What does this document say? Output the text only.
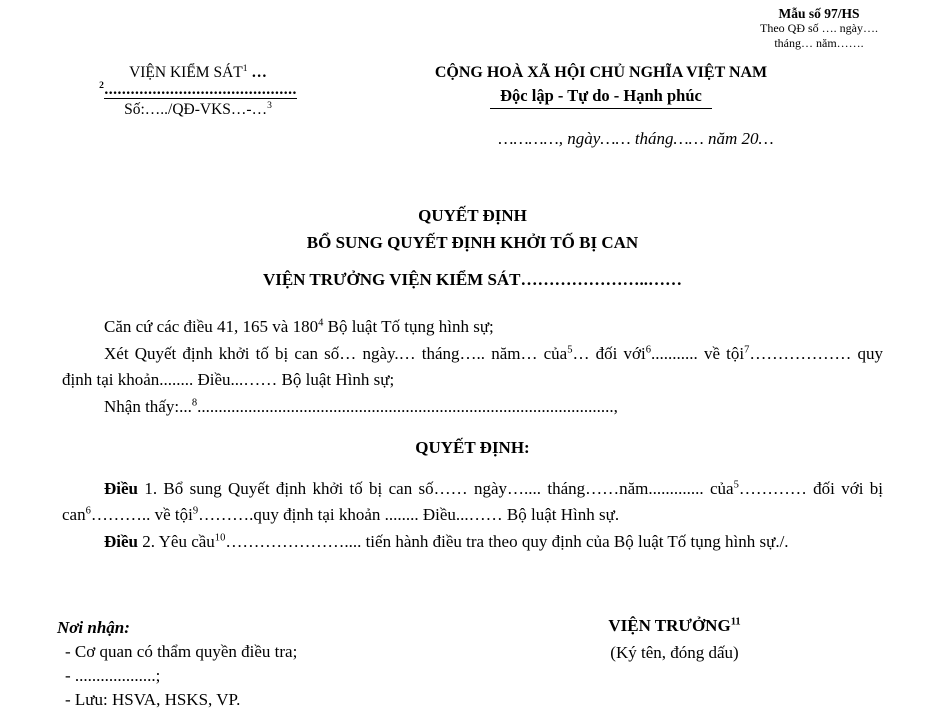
Mẫu số 97/HS
Theo QĐ số …. ngày….
tháng… năm…….
VIỆN KIỂM SÁT$^1$ …
$^2$............................................
Số:…../QĐ-VKS…-…$^3$
CỘNG HOÀ XÃ HỘI CHỦ NGHĨA VIỆT NAM
Độc lập - Tự do - Hạnh phúc
…………, ngày…… tháng…… năm 20…
QUYẾT ĐỊNH
BỔ SUNG QUYẾT ĐỊNH KHỞI TỐ BỊ CAN
VIỆN TRƯỞNG VIỆN KIỂM SÁT…………………..……
Căn cứ các điều 41, 165 và $180^4$ Bộ luật Tố tụng hình sự;
Xét Quyết định khởi tố bị can số… ngày.… tháng….. năm… của$^5$… đối với$^6$........... về tội$^7$……………… quy định tại khoản........ Điều...…… Bộ luật Hình sự;
Nhận thấy:...$^8$..................................................................................................,
QUYẾT ĐỊNH:
Điều 1. Bổ sung Quyết định khởi tố bị can số…… ngày….... tháng……năm............. của$^5$………… đối với bị can$^6$……….. về tội$^9$……….quy định tại khoản ........ Điều...…… Bộ luật Hình sự.
Điều 2. Yêu cầu$^{10}$………………….... tiến hành điều tra theo quy định của Bộ luật Tố tụng hình sự./.
Nơi nhận:
- Cơ quan có thẩm quyền điều tra;
- ...................;
- Lưu: HSVA, HSKS, VP.
VIỆN TRƯỞNG$^{11}$
(Ký tên, đóng dấu)
